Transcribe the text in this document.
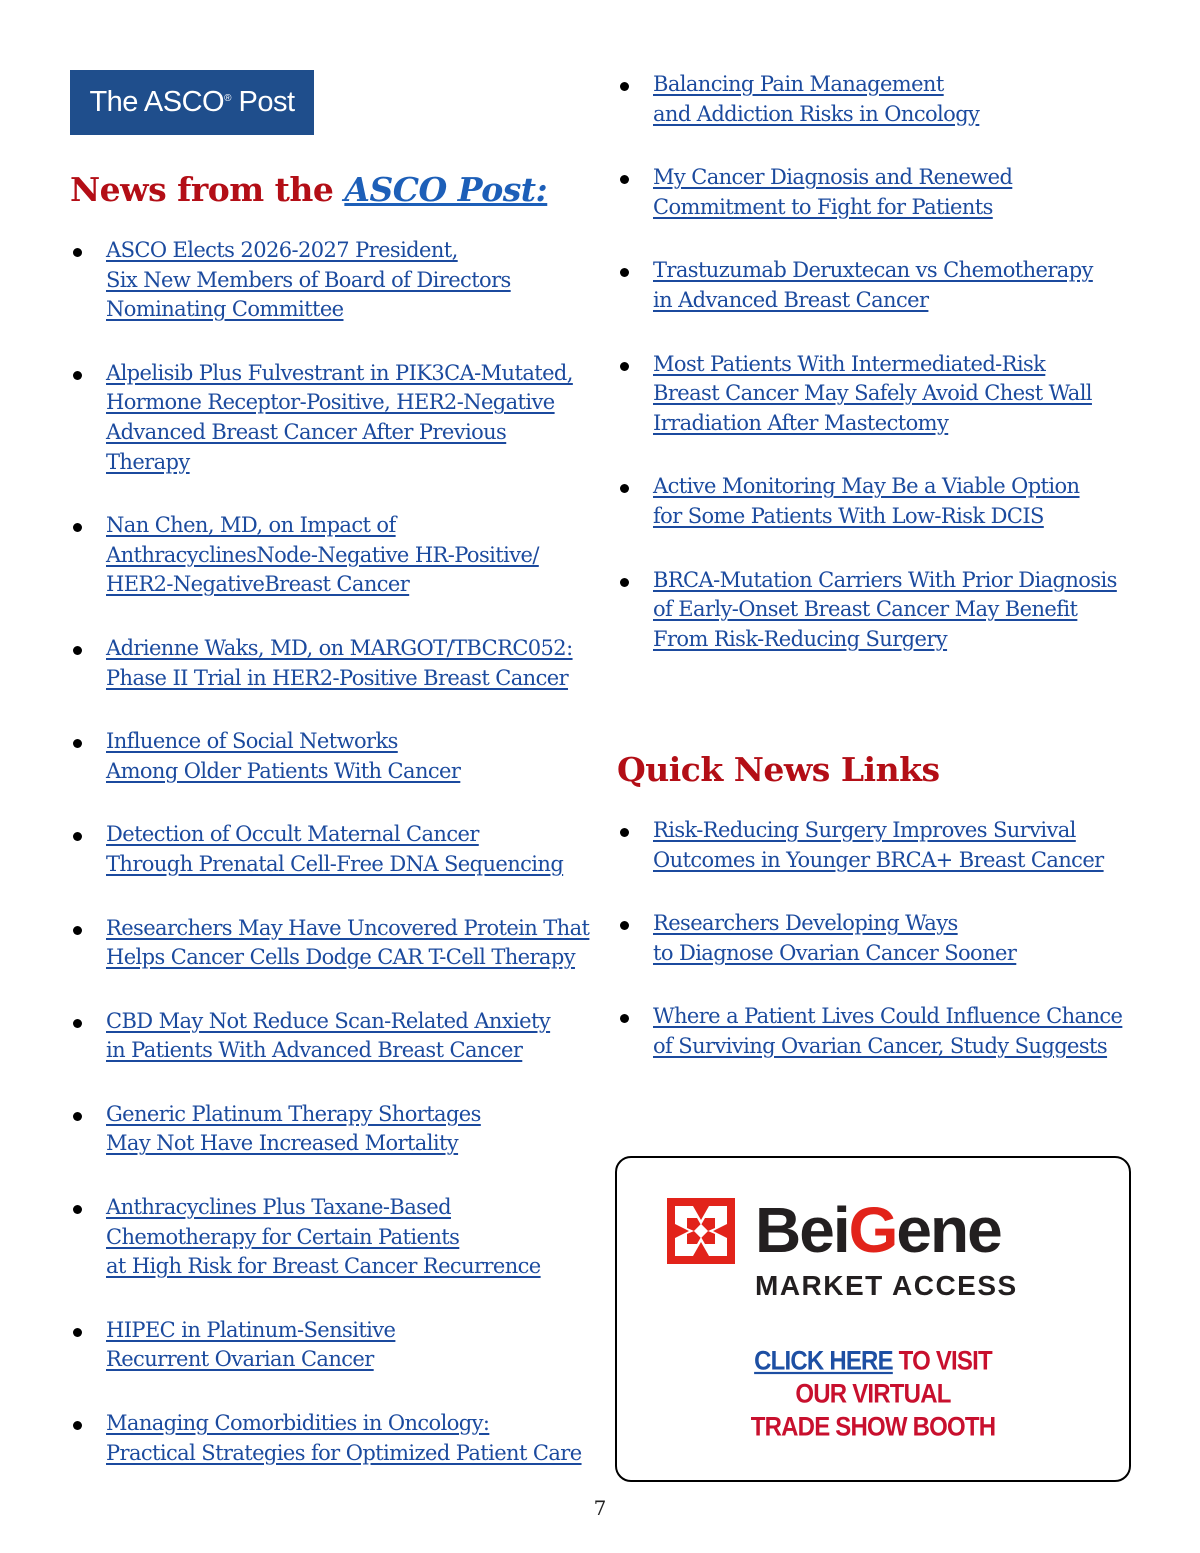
The ASCO ® Post
News from the ASCO Post:
ASCO Elects 2026-2027 President,
Six New Members of Board of Directors
Nominating Committee
Alpelisib Plus Fulvestrant in PIK3CA-Mutated,
Hormone Receptor-Positive, HER2-Negative
Advanced Breast Cancer After Previous
Therapy
Nan Chen, MD, on Impact of
AnthracyclinesNode-Negative HR-Positive/
HER2-NegativeBreast Cancer
Adrienne Waks, MD, on MARGOT/TBCRC052:
Phase II Trial in HER2-Positive Breast Cancer
Influence of Social Networks
Among Older Patients With Cancer
Detection of Occult Maternal Cancer
Through Prenatal Cell-Free DNA Sequencing
Researchers May Have Uncovered Protein That
Helps Cancer Cells Dodge CAR T-Cell Therapy
CBD May Not Reduce Scan-Related Anxiety
in Patients With Advanced Breast Cancer
Generic Platinum Therapy Shortages
May Not Have Increased Mortality
Anthracyclines Plus Taxane-Based
Chemotherapy for Certain Patients
at High Risk for Breast Cancer Recurrence
HIPEC in Platinum-Sensitive
Recurrent Ovarian Cancer
Managing Comorbidities in Oncology:
Practical Strategies for Optimized Patient Care
Balancing Pain Management
and Addiction Risks in Oncology
My Cancer Diagnosis and Renewed
Commitment to Fight for Patients
Trastuzumab Deruxtecan vs Chemotherapy
in Advanced Breast Cancer
Most Patients With Intermediated-Risk
Breast Cancer May Safely Avoid Chest Wall
Irradiation After Mastectomy
Active Monitoring May Be a Viable Option
for Some Patients With Low-Risk DCIS
BRCA-Mutation Carriers With Prior Diagnosis
of Early-Onset Breast Cancer May Benefit
From Risk-Reducing Surgery
Quick News Links
Risk-Reducing Surgery Improves Survival
Outcomes in Younger BRCA+ Breast Cancer
Researchers Developing Ways
to Diagnose Ovarian Cancer Sooner
Where a Patient Lives Could Influence Chance
of Surviving Ovarian Cancer, Study Suggests
BeiGene
MARKET ACCESS
CLICK HERE TO VISIT
OUR VIRTUAL
TRADE SHOW BOOTH
7
